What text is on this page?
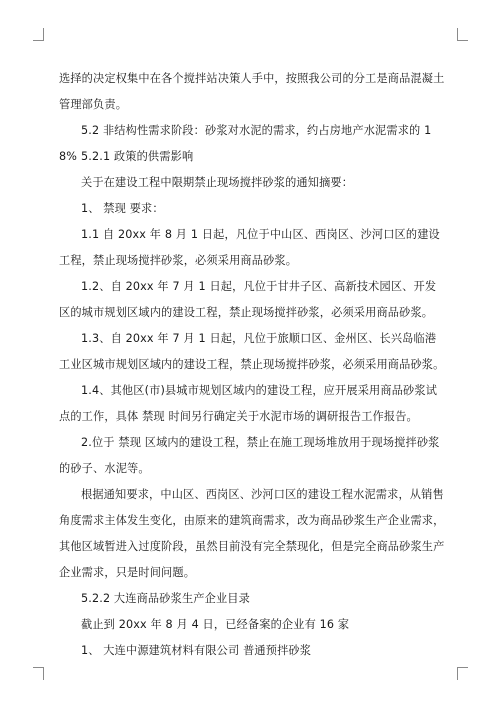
选择的决定权集中在各个搅拌站决策人手中，按照我公司的分工是商品混凝土管理部负责。
5.2 非结构性需求阶段：砂浆对水泥的需求，约占房地产水泥需求的 18% 5.2.1 政策的供需影响
关于在建设工程中限期禁止现场搅拌砂浆的通知摘要：
1、 禁现 要求：
1.1 自 20xx 年 8 月 1 日起，凡位于中山区、西岗区、沙河口区的建设工程，禁止现场搅拌砂浆，必须采用商品砂浆。
1.2、自 20xx 年 7 月 1 日起，凡位于甘井子区、高新技术园区、开发区的城市规划区域内的建设工程，禁止现场搅拌砂浆，必须采用商品砂浆。
1.3、自 20xx 年 7 月 1 日起，凡位于旅顺口区、金州区、长兴岛临港工业区城市规划区域内的建设工程，禁止现场搅拌砂浆，必须采用商品砂浆。
1.4、其他区(市)县城市规划区域内的建设工程，应开展采用商品砂浆试点的工作，具体 禁现 时间另行确定关于水泥市场的调研报告工作报告。
2.位于 禁现 区域内的建设工程，禁止在施工现场堆放用于现场搅拌砂浆的砂子、水泥等。
根据通知要求，中山区、西岗区、沙河口区的建设工程水泥需求，从销售角度需求主体发生变化，由原来的建筑商需求，改为商品砂浆生产企业需求，其他区域暂进入过度阶段，虽然目前没有完全禁现化，但是完全商品砂浆生产企业需求，只是时间问题。
5.2.2 大连商品砂浆生产企业目录
截止到 20xx 年 8 月 4 日，已经备案的企业有 16 家
1、 大连中源建筑材料有限公司 普通预拌砂浆
